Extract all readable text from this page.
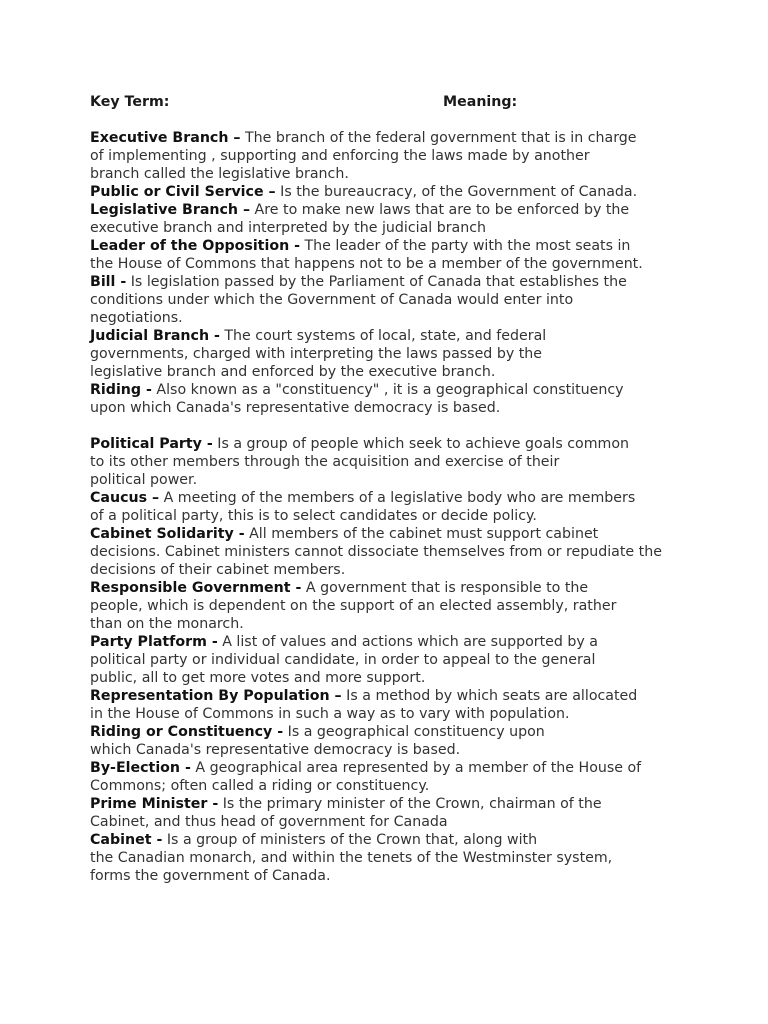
Key Term:	Meaning:
Executive Branch – The branch of the federal government that is in charge
of implementing , supporting and enforcing the laws made by another
branch called the legislative branch.
Public or Civil Service – Is the bureaucracy, of the Government of Canada.
Legislative Branch – Are to make new laws that are to be enforced by the
executive branch and interpreted by the judicial branch
Leader of the Opposition - The leader of the party with the most seats in
the House of Commons that happens not to be a member of the government.
Bill - Is legislation passed by the Parliament of Canada that establishes the
conditions under which the Government of Canada would enter into
negotiations.
Judicial Branch - The court systems of local, state, and federal
governments, charged with interpreting the laws passed by the
legislative branch and enforced by the executive branch.
Riding - Also known as a "constituency" , it is a geographical constituency
upon which Canada's representative democracy is based.
Political Party - Is a group of people which seek to achieve goals common
to its other members through the acquisition and exercise of their
political power.
Caucus – A meeting of the members of a legislative body who are members
of a political party, this is to select candidates or decide policy.
Cabinet Solidarity - All members of the cabinet must support cabinet
decisions. Cabinet ministers cannot dissociate themselves from or repudiate the
decisions of their cabinet members.
Responsible Government - A government that is responsible to the
people, which is dependent on the support of an elected assembly, rather
than on the monarch.
Party Platform - A list of values and actions which are supported by a
political party or individual candidate, in order to appeal to the general
public, all to get more votes and more support.
Representation By Population – Is a method by which seats are allocated
in the House of Commons in such a way as to vary with population.
Riding or Constituency - Is a geographical constituency upon
which Canada's representative democracy is based.
By-Election - A geographical area represented by a member of the House of
Commons; often called a riding or constituency.
Prime Minister - Is the primary minister of the Crown, chairman of the
Cabinet, and thus head of government for Canada
Cabinet - Is a group of ministers of the Crown that, along with
the Canadian monarch, and within the tenets of the Westminster system,
forms the government of Canada.
